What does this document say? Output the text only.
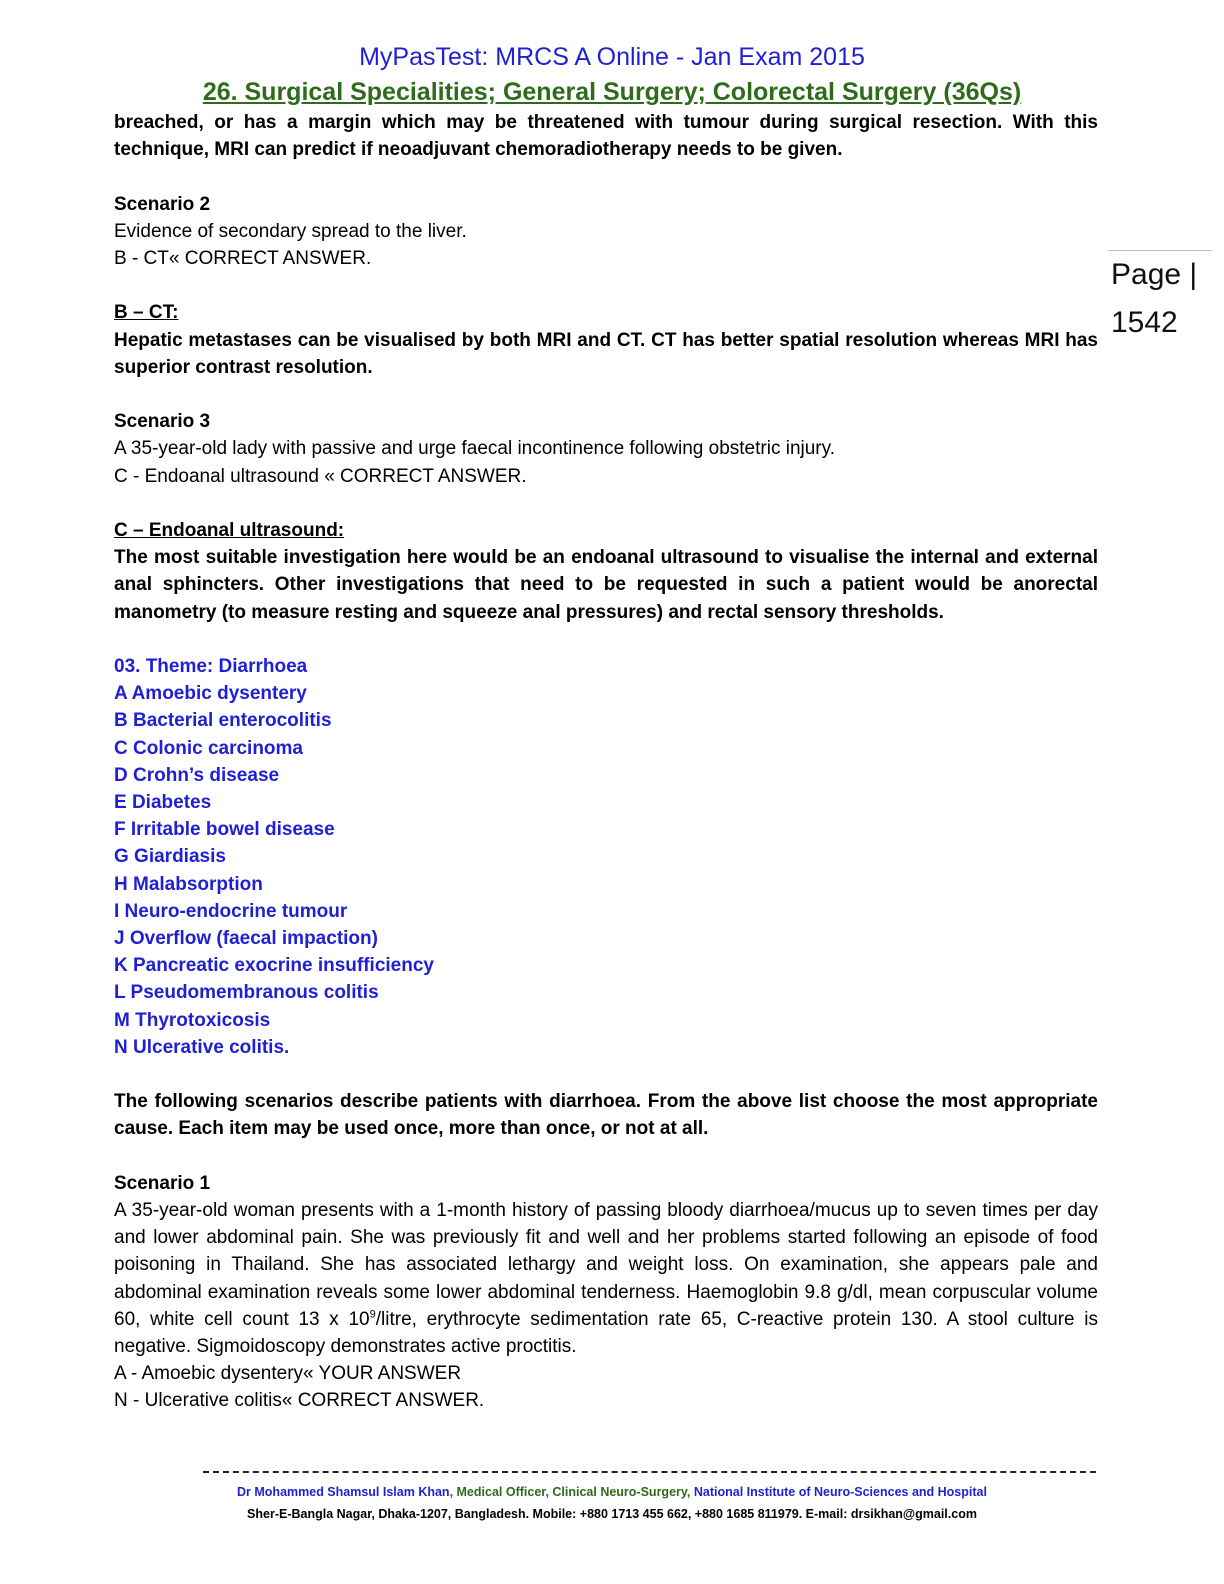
MyPasTest: MRCS A Online - Jan Exam 2015
26. Surgical Specialities; General Surgery; Colorectal Surgery (36Qs)
Page |
1542

breached, or has a margin which may be threatened with tumour during surgical resection. With this technique, MRI can predict if neoadjuvant chemoradiotherapy needs to be given.

Scenario 2

Evidence of secondary spread to the liver.

B - CT« CORRECT ANSWER.

B – CT:

Hepatic metastases can be visualised by both MRI and CT. CT has better spatial resolution whereas MRI has superior contrast resolution.

Scenario 3

A 35-year-old lady with passive and urge faecal incontinence following obstetric injury.

C - Endoanal ultrasound « CORRECT ANSWER.

C – Endoanal ultrasound:

The most suitable investigation here would be an endoanal ultrasound to visualise the internal and external anal sphincters. Other investigations that need to be requested in such a patient would be anorectal manometry (to measure resting and squeeze anal pressures) and rectal sensory thresholds.

03. Theme: Diarrhoea

A Amoebic dysentery

B Bacterial enterocolitis

C Colonic carcinoma

D Crohn’s disease

E Diabetes

F Irritable bowel disease

G Giardiasis

H Malabsorption

I Neuro-endocrine tumour

J Overflow (faecal impaction)

K Pancreatic exocrine insufficiency

L Pseudomembranous colitis

M Thyrotoxicosis

N Ulcerative colitis.

The following scenarios describe patients with diarrhoea. From the above list choose the most appropriate cause. Each item may be used once, more than once, or not at all.

Scenario 1

A 35-year-old woman presents with a 1-month history of passing bloody diarrhoea/mucus up to seven times per day and lower abdominal pain. She was previously fit and well and her problems started following an episode of food poisoning in Thailand. She has associated lethargy and weight loss. On examination, she appears pale and abdominal examination reveals some lower abdominal tenderness. Haemoglobin 9.8 g/dl, mean corpuscular volume 60, white cell count 13 x $10^9$/litre, erythrocyte sedimentation rate 65, C-reactive protein 130. A stool culture is negative. Sigmoidoscopy demonstrates active proctitis.

A - Amoebic dysentery« YOUR ANSWER

N - Ulcerative colitis« CORRECT ANSWER.

Dr Mohammed Shamsul Islam Khan, Medical Officer, Clinical Neuro-Surgery, National Institute of Neuro-Sciences and Hospital
Sher-E-Bangla Nagar, Dhaka-1207, Bangladesh. Mobile: +880 1713 455 662, +880 1685 811979. E-mail: drsikhan@gmail.com
